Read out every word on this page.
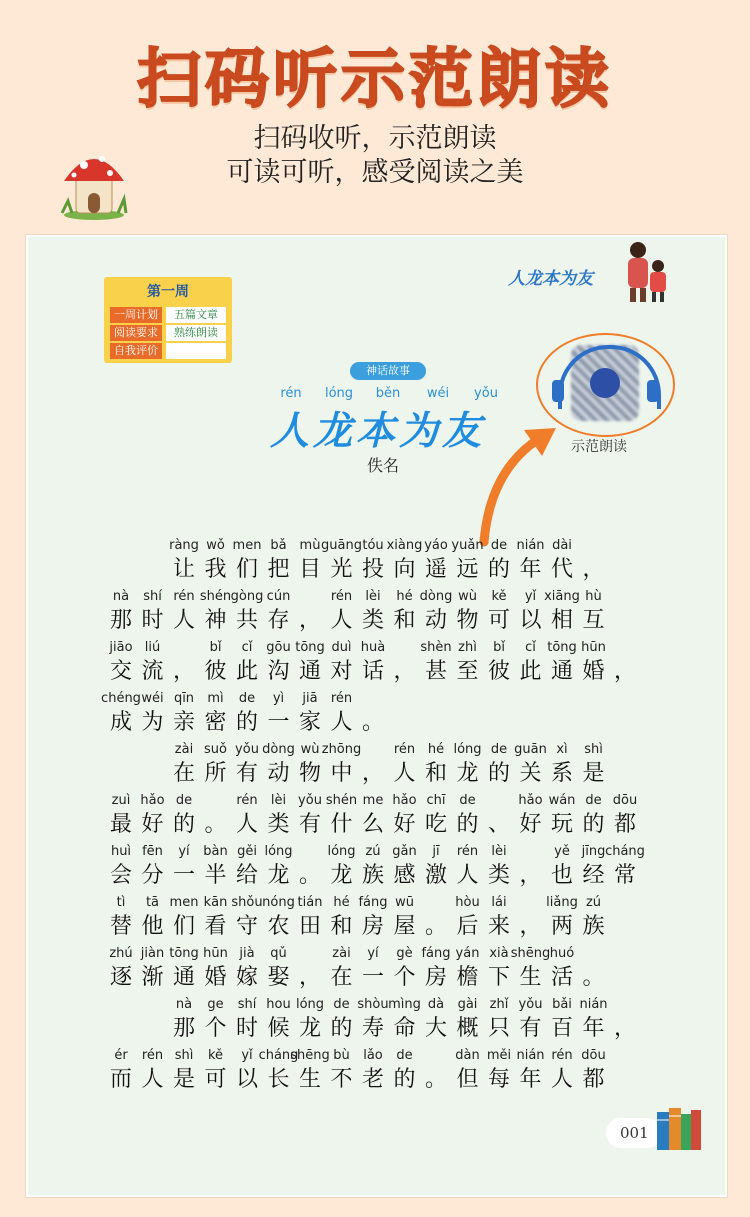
扫码听示范朗读
扫码收听，示范朗读
可读可听，感受阅读之美
人龙本为友
第一周
一周计划	五篇文章
阅读要求	熟练朗读
自我评价
示范朗读
神话故事
rén	lóng	běn	wéi	yǒu
人龙本为友
佚名
ràng
让
wǒ
我
men
们
bǎ
把
mù
目
guāng
光
tóu
投
xiàng
向
yáo
遥
yuǎn
远
de
的
nián
年
dài
代 ，
nà
那
shí
时
rén
人
shén
神
gòng
共
cún
存 ，
rén
人
lèi
类
hé
和
dòng
动
wù
物
kě
可
yǐ
以
xiāng
相
hù
互
jiāo
交
liú
流 ，
bǐ
彼
cǐ
此
gōu
沟
tōng
通
duì
对
huà
话 ，
shèn
甚
zhì
至
bǐ
彼
cǐ
此
tōng
通
hūn
婚 ，
chéng
成
wéi
为
qīn
亲
mì
密
de
的
yì
一
jiā
家
rén
人 。
zài
在
suǒ
所
yǒu
有
dòng
动
wù
物
zhōng
中 ，
rén
人
hé
和
lóng
龙
de
的
guān
关
xì
系
shì
是
zuì
最
hǎo
好
de
的 。
rén
人
lèi
类
yǒu
有
shén
什
me
么
hǎo
好
chī
吃
de
的 、
hǎo
好
wán
玩
de
的
dōu
都
huì
会
fēn
分
yí
一
bàn
半
gěi
给
lóng
龙 。
lóng
龙
zú
族
gǎn
感
jī
激
rén
人
lèi
类 ，
yě
也
jīng
经
cháng
常
tì
替
tā
他
men
们
kān
看
shǒu
守
nóng
农
tián
田
hé
和
fáng
房
wū
屋 。
hòu
后
lái
来 ，
liǎng
两
zú
族
zhú
逐
jiàn
渐
tōng
通
hūn
婚
jià
嫁
qǔ
娶 ，
zài
在
yí
一
gè
个
fáng
房
yán
檐
xià
下
shēng
生
huó
活 。
nà
那
ge
个
shí
时
hou
候
lóng
龙
de
的
shòu
寿
mìng
命
dà
大
gài
概
zhǐ
只
yǒu
有
bǎi
百
nián
年 ，
ér
而
rén
人
shì
是
kě
可
yǐ
以
cháng
长
shēng
生
bù
不
lǎo
老
de
的 。
dàn
但
měi
每
nián
年
rén
人
dōu
都
001
